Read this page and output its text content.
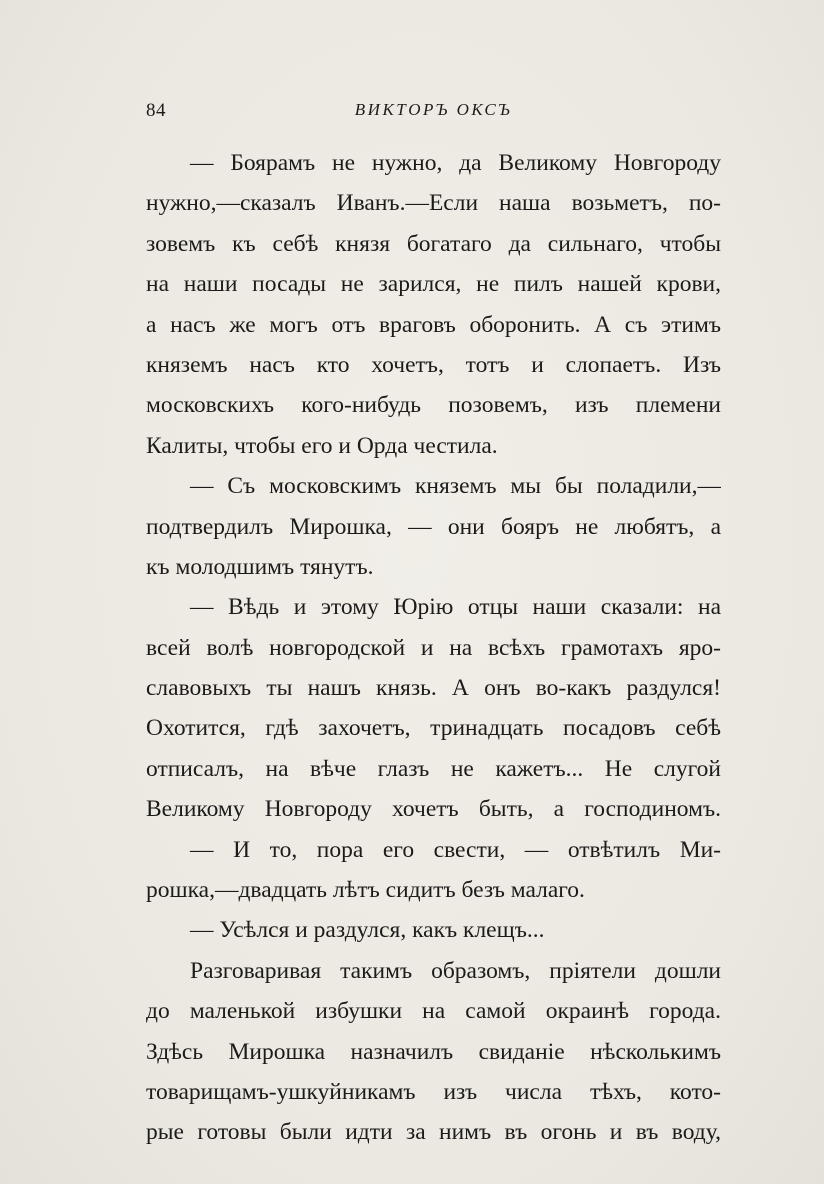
84	ВИКТОРЪ ОКСЪ
— Боярамъ не нужно, да Великому Новгороду
нужно,—сказалъ Иванъ.—Если наша возьметъ, по-
зовемъ къ себѣ князя богатаго да сильнаго, чтобы
на наши посады не зарился, не пилъ нашей крови,
а насъ же могъ отъ враговъ оборонить. А съ этимъ
княземъ насъ кто хочетъ, тотъ и слопаетъ. Изъ
московскихъ кого-нибудь позовемъ, изъ племени
Калиты, чтобы его и Орда честила.
— Съ московскимъ княземъ мы бы поладили,—
подтвердилъ Мирошка, — они бояръ не любятъ, а
къ молодшимъ тянутъ.
— Вѣдь и этому Юрію отцы наши сказали: на
всей волѣ новгородской и на всѣхъ грамотахъ яро-
славовыхъ ты нашъ князь. А онъ во-какъ раздулся!
Охотится, гдѣ захочетъ, тринадцать посадовъ себѣ
отписалъ, на вѣче глазъ не кажетъ... Не слугой
Великому Новгороду хочетъ быть, а господиномъ.
— И то, пора его свести, — отвѣтилъ Ми-
рошка,—двадцать лѣтъ сидитъ безъ малаго.
— Усѣлся и раздулся, какъ клещъ...
Разговаривая такимъ образомъ, пріятели дошли
до маленькой избушки на самой окраинѣ города.
Здѣсь Мирошка назначилъ свиданіе нѣсколькимъ
товарищамъ-ушкуйникамъ изъ числа тѣхъ, кото-
рые готовы были идти за нимъ въ огонь и въ воду,
